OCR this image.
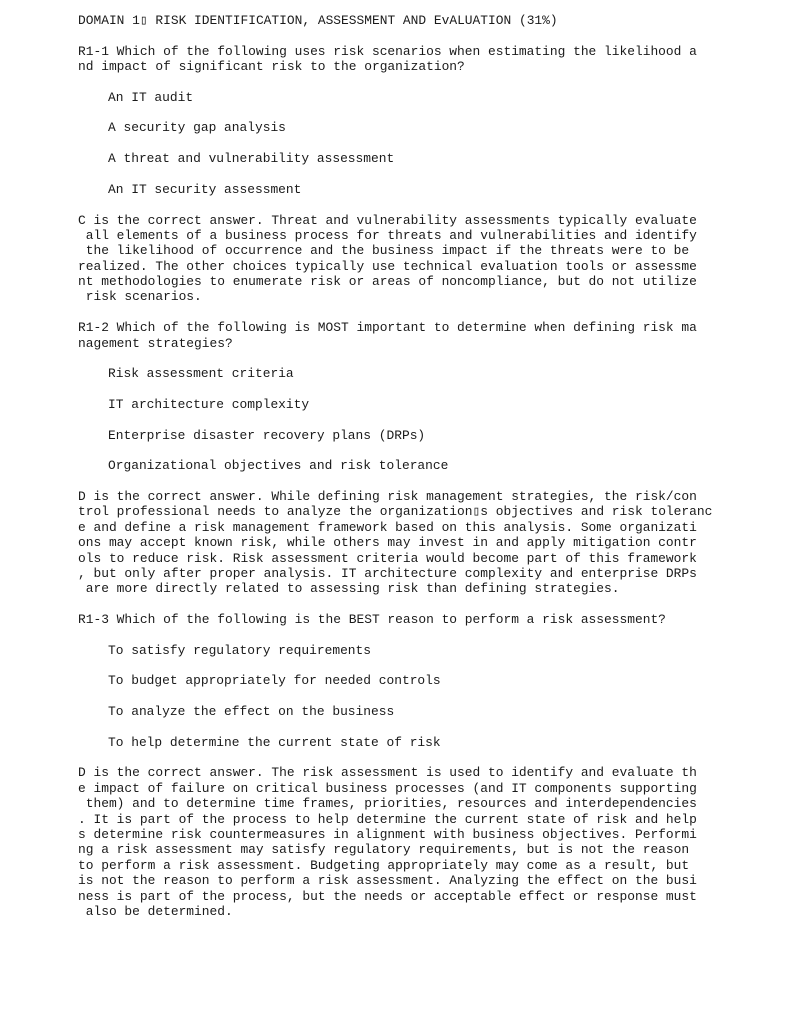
DOMAIN 1▯ RISK IDENTIFICATION, ASSESSMENT AND EvALUATION (31%)
R1-1 Which of the following uses risk scenarios when estimating the likelihood a
nd impact of significant risk to the organization?
An IT audit
A security gap analysis
A threat and vulnerability assessment
An IT security assessment
C is the correct answer. Threat and vulnerability assessments typically evaluate
all elements of a business process for threats and vulnerabilities and identify
the likelihood of occurrence and the business impact if the threats were to be
realized. The other choices typically use technical evaluation tools or assessme
nt methodologies to enumerate risk or areas of noncompliance, but do not utilize
risk scenarios.
R1-2 Which of the following is MOST important to determine when defining risk ma
nagement strategies?
Risk assessment criteria
IT architecture complexity
Enterprise disaster recovery plans (DRPs)
Organizational objectives and risk tolerance
D is the correct answer. While defining risk management strategies, the risk/con
trol professional needs to analyze the organization▯s objectives and risk toleranc
e and define a risk management framework based on this analysis. Some organizati
ons may accept known risk, while others may invest in and apply mitigation contr
ols to reduce risk. Risk assessment criteria would become part of this framework
, but only after proper analysis. IT architecture complexity and enterprise DRPs
are more directly related to assessing risk than defining strategies.
R1-3 Which of the following is the BEST reason to perform a risk assessment?
To satisfy regulatory requirements
To budget appropriately for needed controls
To analyze the effect on the business
To help determine the current state of risk
D is the correct answer. The risk assessment is used to identify and evaluate th
e impact of failure on critical business processes (and IT components supporting
them) and to determine time frames, priorities, resources and interdependencies
. It is part of the process to help determine the current state of risk and help
s determine risk countermeasures in alignment with business objectives. Performi
ng a risk assessment may satisfy regulatory requirements, but is not the reason
to perform a risk assessment. Budgeting appropriately may come as a result, but
is not the reason to perform a risk assessment. Analyzing the effect on the busi
ness is part of the process, but the needs or acceptable effect or response must
also be determined.
